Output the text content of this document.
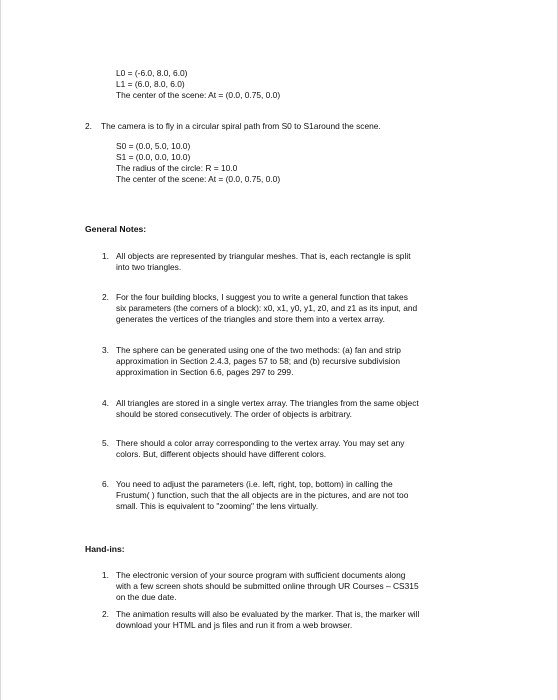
L0 = (-6.0, 8.0, 6.0)
L1 = (6.0, 8.0, 6.0)
The center of the scene: At = (0.0, 0.75, 0.0)
2.	The camera is to fly in a circular spiral path from S0 to S1around the scene.
S0 = (0.0, 5.0, 10.0)
S1 = (0.0, 0.0, 10.0)
The radius of the circle: R = 10.0
The center of the scene: At = (0.0, 0.75, 0.0)
General Notes:
1. All objects are represented by triangular meshes. That is, each rectangle is split
into two triangles.
2. For the four building blocks, I suggest you to write a general function that takes
six parameters (the corners of a block): x0, x1, y0, y1, z0, and z1 as its input, and
generates the vertices of the triangles and store them into a vertex array.
3. The sphere can be generated using one of the two methods: (a) fan and strip
approximation in Section 2.4.3, pages 57 to 58; and (b) recursive subdivision
approximation in Section 6.6, pages 297 to 299.
4. All triangles are stored in a single vertex array. The triangles from the same object
should be stored consecutively. The order of objects is arbitrary.
5. There should a color array corresponding to the vertex array. You may set any
colors. But, different objects should have different colors.
6. You need to adjust the parameters (i.e. left, right, top, bottom) in calling the
Frustum( ) function, such that the all objects are in the pictures, and are not too
small. This is equivalent to "zooming" the lens virtually.
Hand-ins:
1. The electronic version of your source program with sufficient documents along
with a few screen shots should be submitted online through UR Courses – CS315
on the due date.
2. The animation results will also be evaluated by the marker. That is, the marker will
download your HTML and js files and run it from a web browser.
